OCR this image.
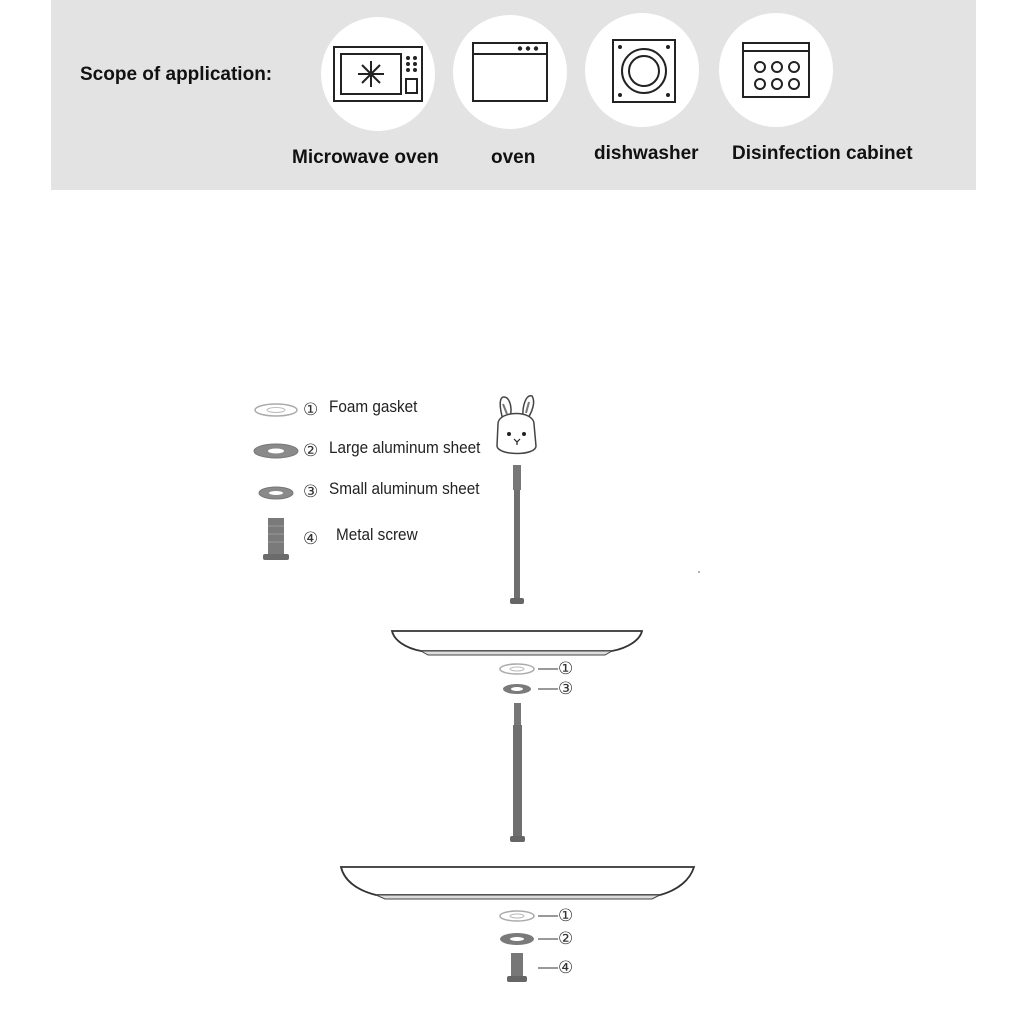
Scope of application:
Microwave oven	oven	dishwasher Disinfection cabinet
① Foam gasket
② Large aluminum sheet
③ Small aluminum sheet
④ Metal screw
①
③
①
②
④
